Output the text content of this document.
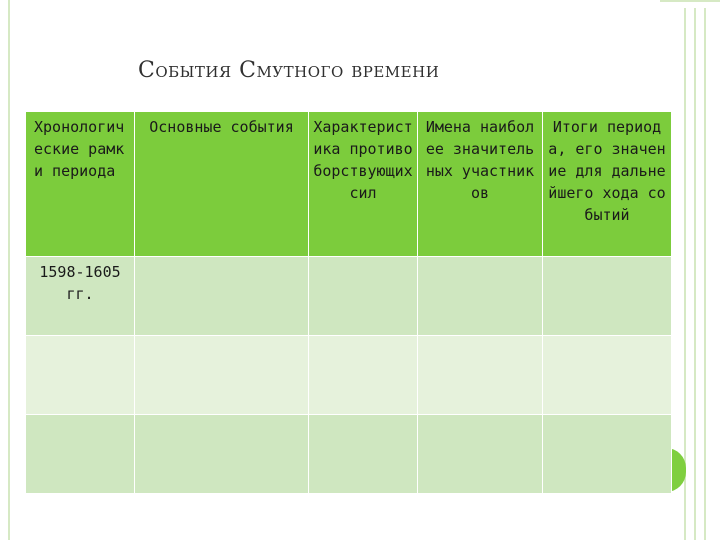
События Смутного времени
Хронологические рамки периода	Основные события	Характеристика противоборствующих сил	Имена наиболее значительных участников	Итоги периода, его значение для дальнейшего хода событий
1598-1605 гг.				
